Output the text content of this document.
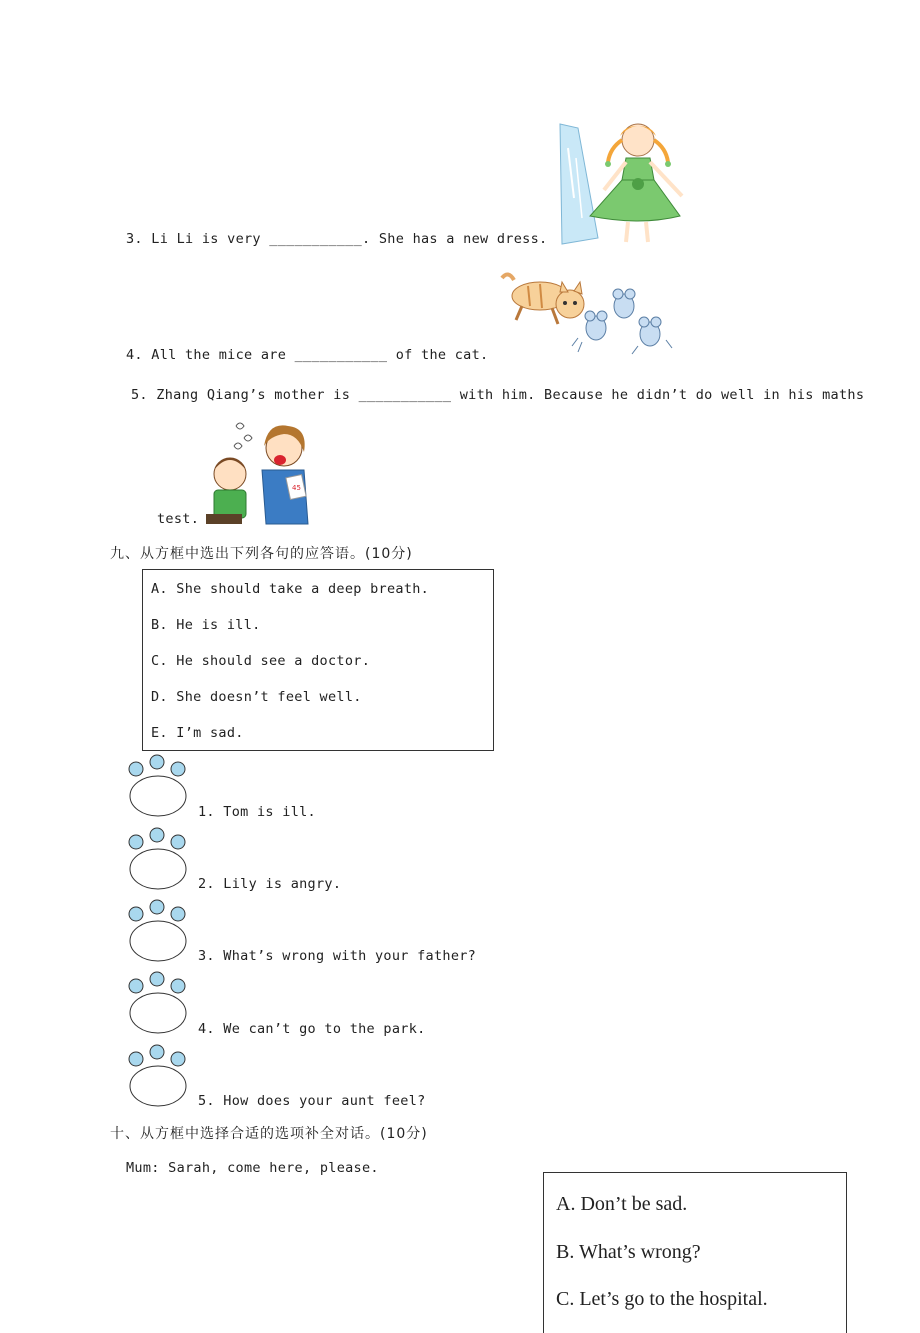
3. Li Li is very ___________. She has a new dress.
4. All the mice are ___________ of the cat.
5. Zhang Qiang’s mother is ___________ with him. Because he didn’t do well in his maths
45
test.
九、从方框中选出下列各句的应答语。(10分)
A. She should take a deep breath.
B. He is ill.
C. He should see a doctor.
D. She doesn’t feel well.
E. I’m sad.
1. Tom is ill.
2. Lily is angry.
3. What’s wrong with your father?
4. We can’t go to the park.
5. How does your aunt feel?
十、从方框中选择合适的选项补全对话。(10分)
Mum: Sarah, come here, please.
A. Don’t be sad.
B. What’s wrong?
C. Let’s go to the hospital.
